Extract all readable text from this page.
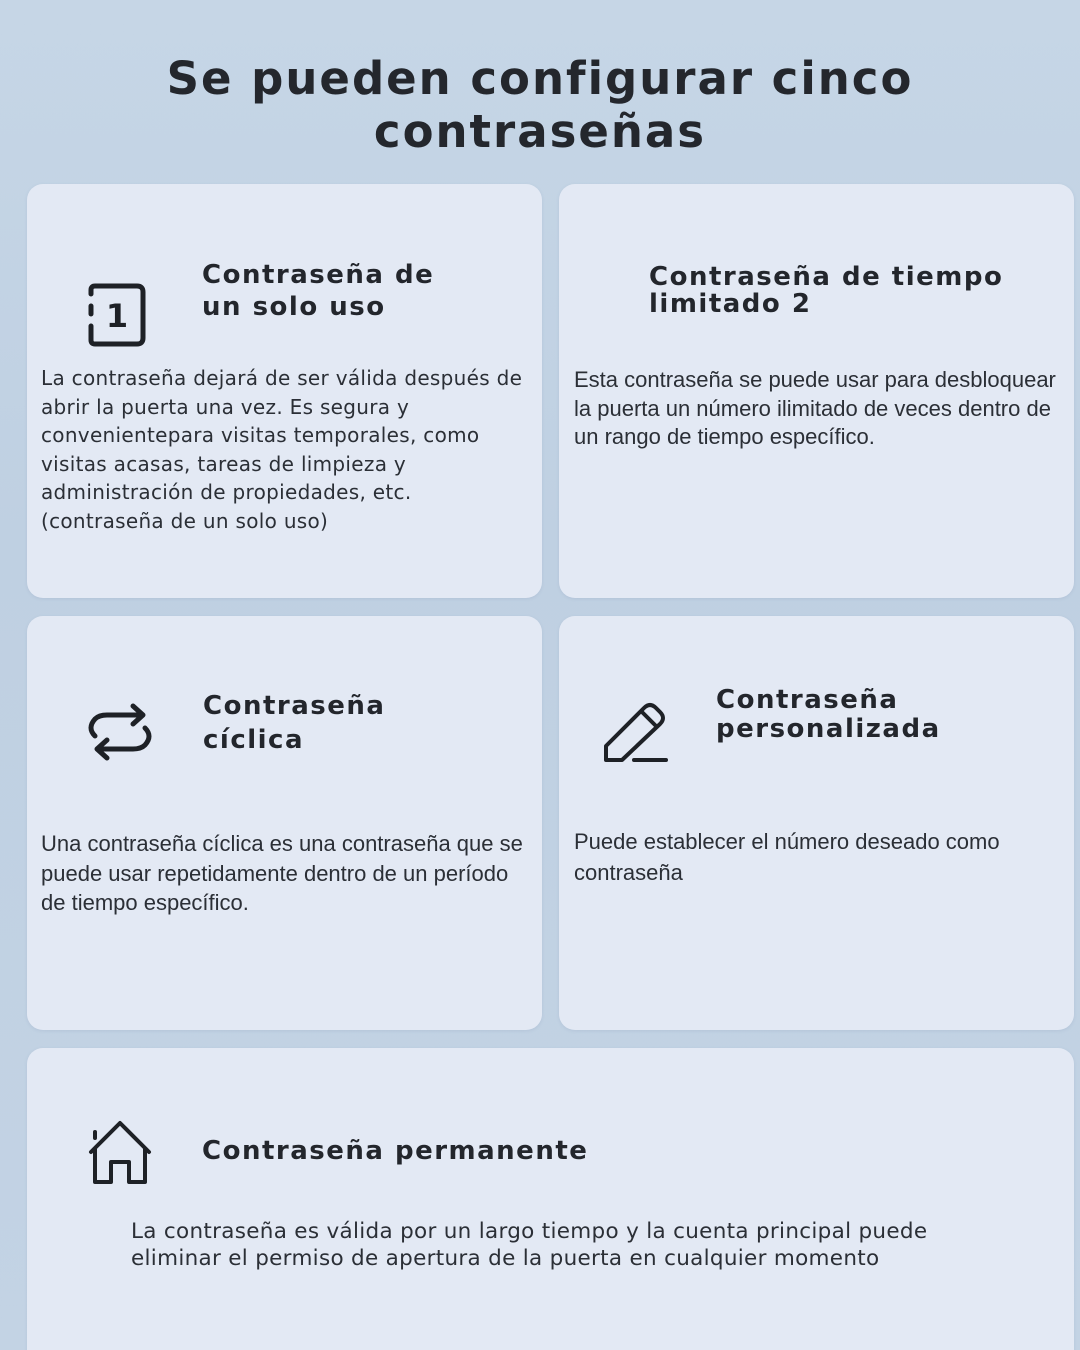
Se pueden configurar cinco contraseñas
1
Contraseña de
un solo uso
La contraseña dejará de ser válida después de abrir la puerta una vez. Es segura y convenientepara visitas temporales, como visitas acasas, tareas de limpieza y administración de propiedades, etc. (contraseña de un solo uso)
Contraseña de tiempo
limitado 2
Esta contraseña se puede usar para desbloquear la puerta un número ilimitado de veces dentro de un rango de tiempo específico.
Contraseña
cíclica
Una contraseña cíclica es una contraseña que se puede usar repetidamente dentro de un período de tiempo específico.
Contraseña
personalizada
Puede establecer el número deseado como contraseña
Contraseña permanente
La contraseña es válida por un largo tiempo y la cuenta principal puede eliminar el permiso de apertura de la puerta en cualquier momento
